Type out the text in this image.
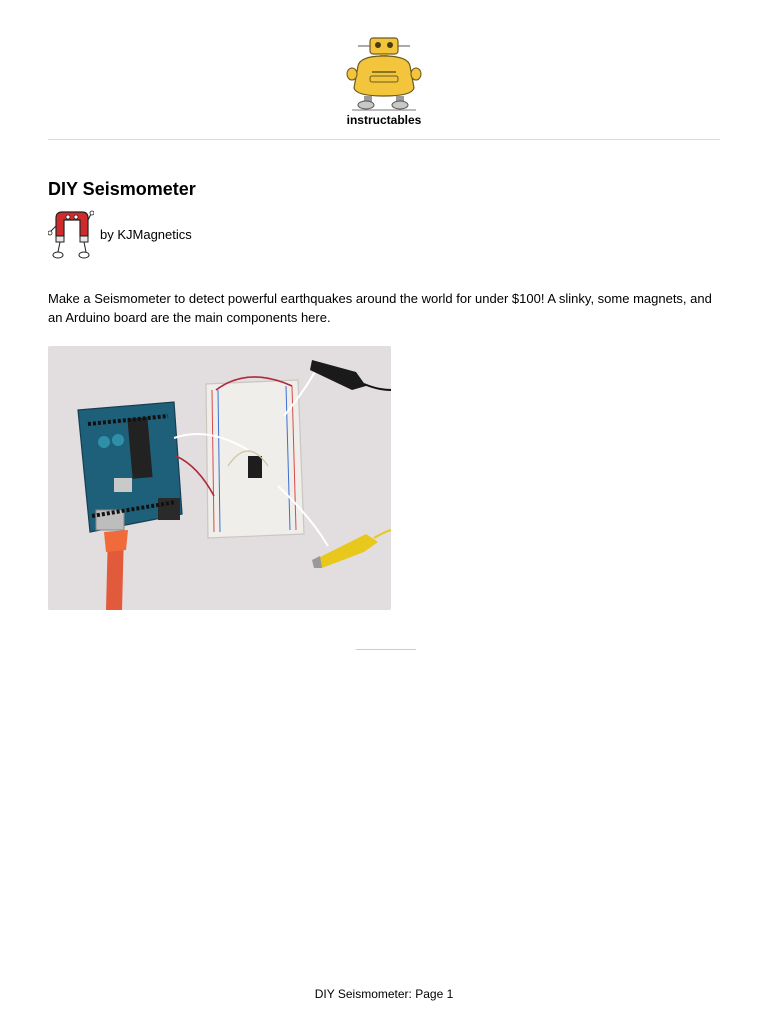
instructables
DIY Seismometer
by KJMagnetics

Make a Seismometer to detect powerful earthquakes around the world for under $100! A slinky, some magnets, and an Arduino board are the main components here.

DIY Seismometer: Page 1
